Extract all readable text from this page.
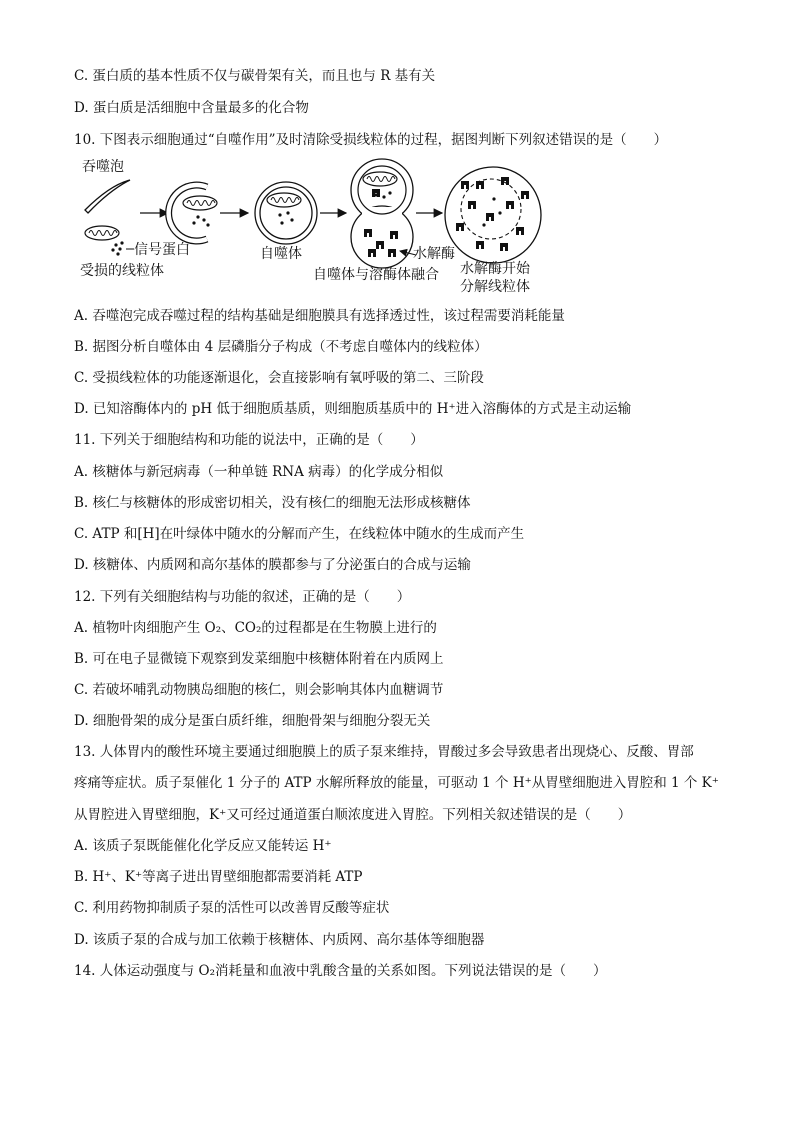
C. 蛋白质的基本性质不仅与碳骨架有关，而且也与 R 基有关
D. 蛋白质是活细胞中含量最多的化合物
10. 下图表示细胞通过“自噬作用”及时清除受损线粒体的过程，据图判断下列叙述错误的是（　　）
吞噬泡
信号蛋白
受损的线粒体
自噬体	水解酶
自噬体与溶酶体融合 水解酶开始
分解线粒体
A. 吞噬泡完成吞噬过程的结构基础是细胞膜具有选择透过性，该过程需要消耗能量
B. 据图分析自噬体由 4 层磷脂分子构成（不考虑自噬体内的线粒体）
C. 受损线粒体的功能逐渐退化，会直接影响有氧呼吸的第二、三阶段
D. 已知溶酶体内的 pH 低于细胞质基质，则细胞质基质中的 H⁺进入溶酶体的方式是主动运输
11. 下列关于细胞结构和功能的说法中，正确的是（　　）
A. 核糖体与新冠病毒（一种单链 RNA 病毒）的化学成分相似
B. 核仁与核糖体的形成密切相关，没有核仁的细胞无法形成核糖体
C. ATP 和[H]在叶绿体中随水的分解而产生，在线粒体中随水的生成而产生
D. 核糖体、内质网和高尔基体的膜都参与了分泌蛋白的合成与运输
12. 下列有关细胞结构与功能的叙述，正确的是（　　）
A. 植物叶肉细胞产生 O₂、CO₂的过程都是在生物膜上进行的
B. 可在电子显微镜下观察到发菜细胞中核糖体附着在内质网上
C. 若破坏哺乳动物胰岛细胞的核仁，则会影响其体内血糖调节
D. 细胞骨架的成分是蛋白质纤维，细胞骨架与细胞分裂无关
13. 人体胃内的酸性环境主要通过细胞膜上的质子泵来维持，胃酸过多会导致患者出现烧心、反酸、胃部
疼痛等症状。质子泵催化 1 分子的 ATP 水解所释放的能量，可驱动 1 个 H⁺从胃壁细胞进入胃腔和 1 个 K⁺
从胃腔进入胃壁细胞，K⁺又可经过通道蛋白顺浓度进入胃腔。下列相关叙述错误的是（　　）
A. 该质子泵既能催化化学反应又能转运 H⁺
B. H⁺、K⁺等离子进出胃壁细胞都需要消耗 ATP
C. 利用药物抑制质子泵的活性可以改善胃反酸等症状
D. 该质子泵的合成与加工依赖于核糖体、内质网、高尔基体等细胞器
14. 人体运动强度与 O₂消耗量和血液中乳酸含量的关系如图。下列说法错误的是（　　）
